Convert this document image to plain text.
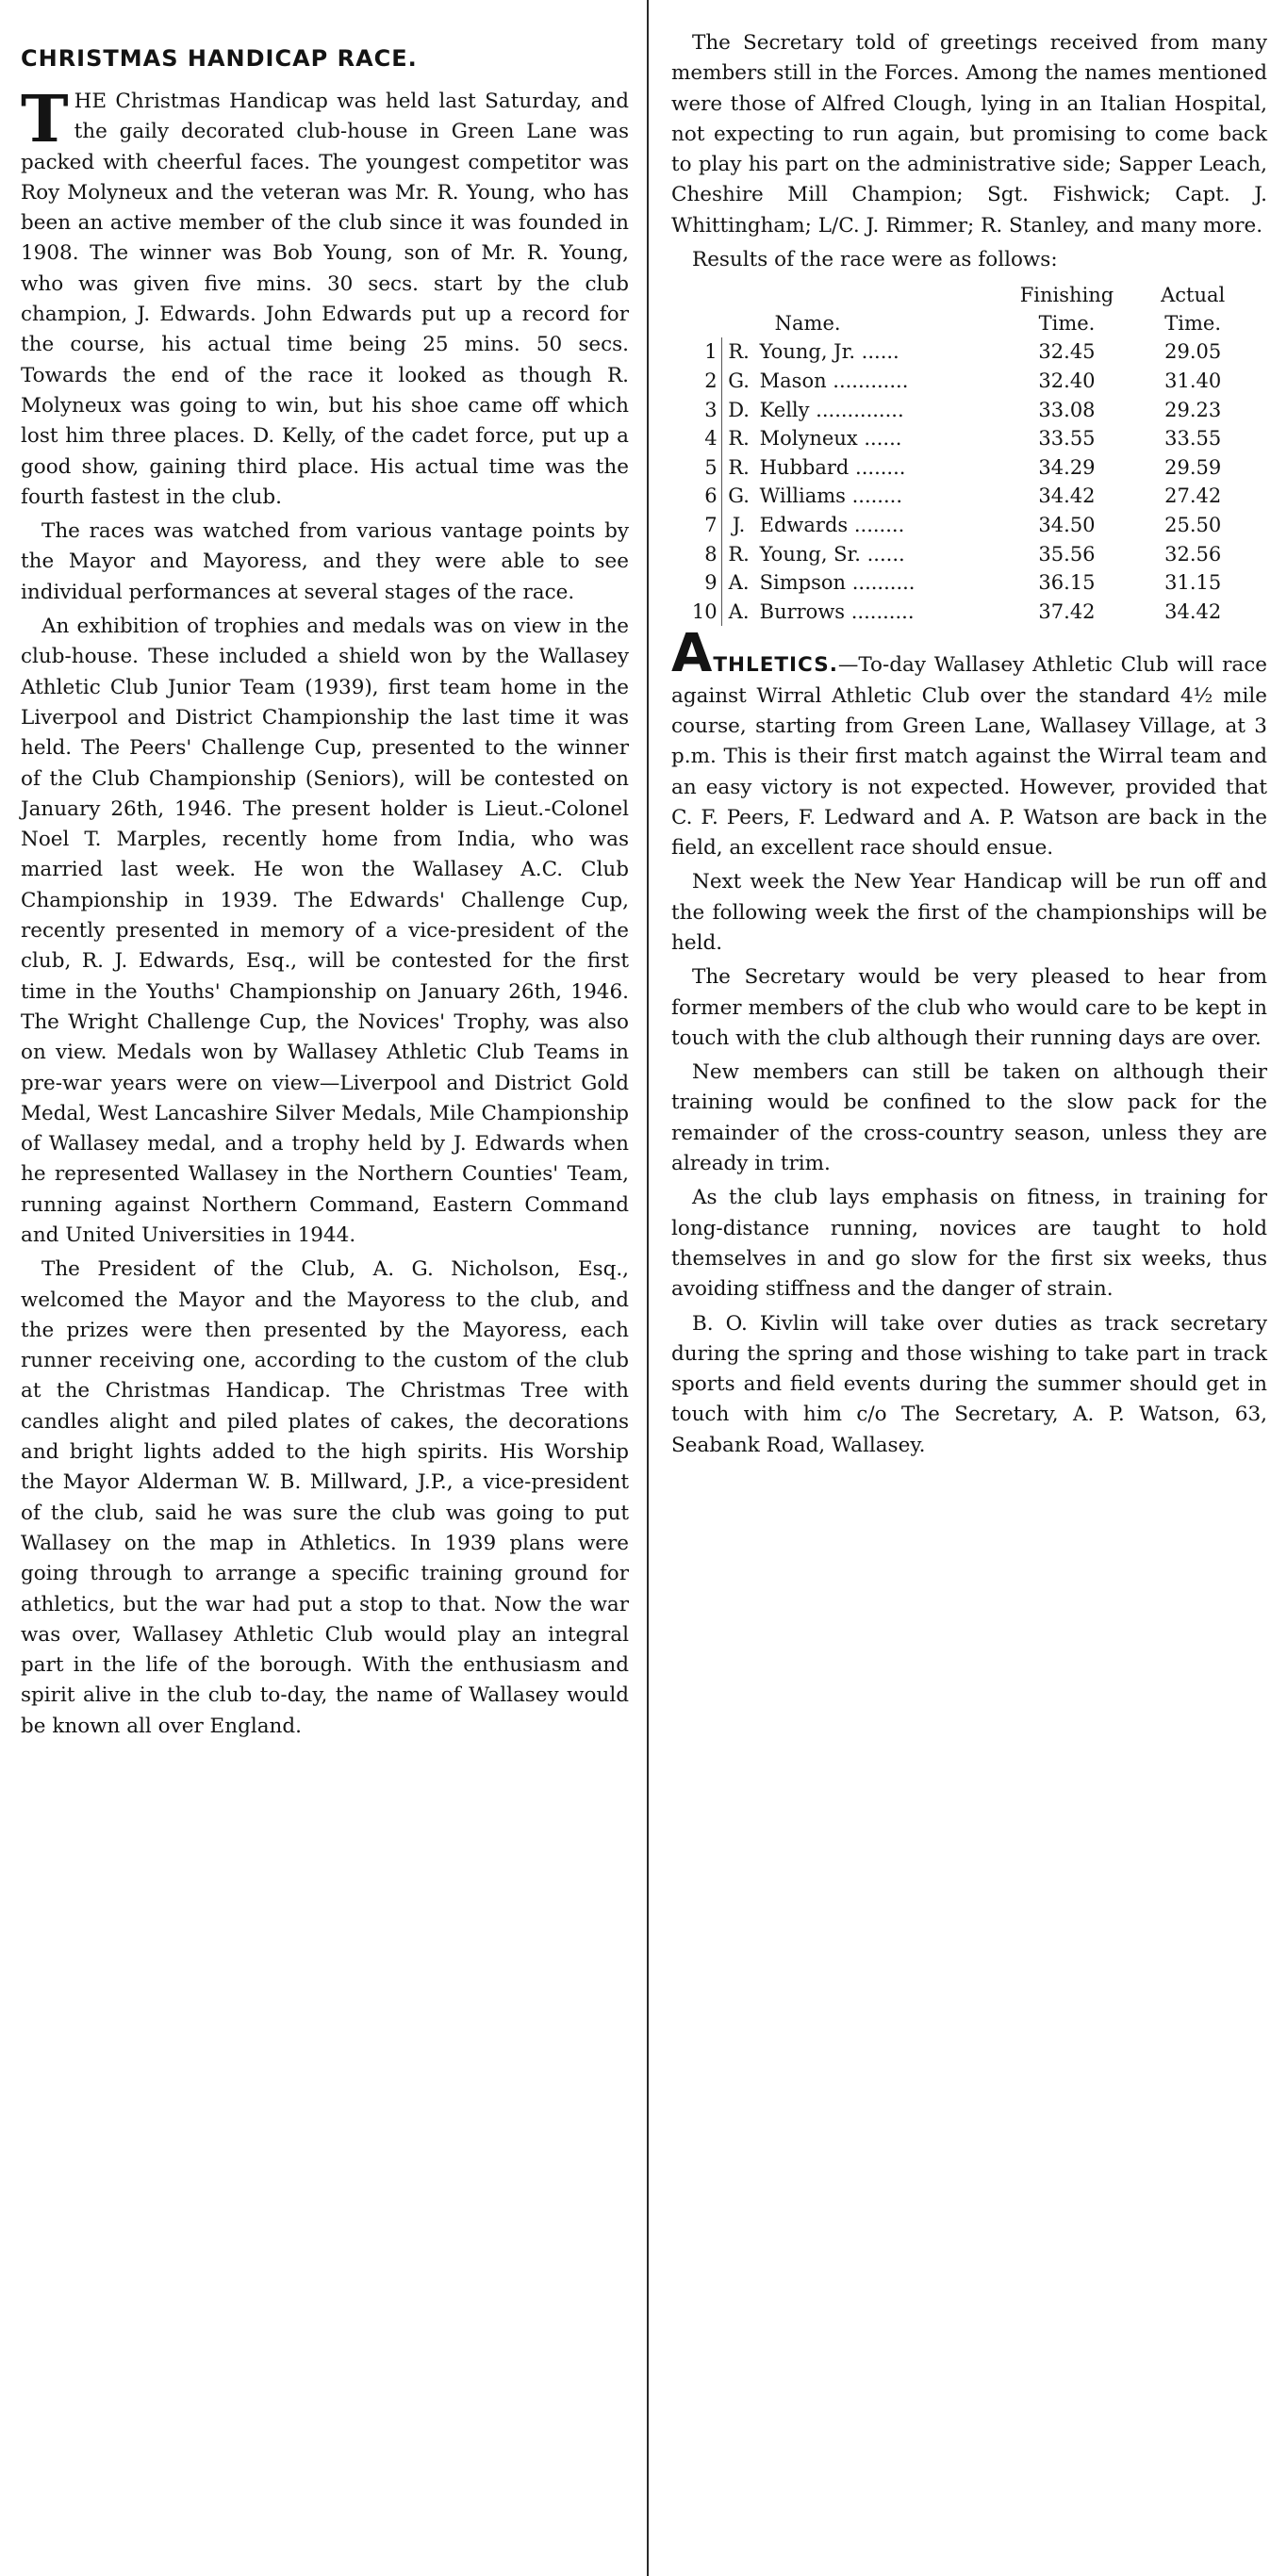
CHRISTMAS HANDICAP RACE.

THE Christmas Handicap was held last Saturday, and the gaily decorated club-house in Green Lane was packed with cheerful faces. The youngest competitor was Roy Molyneux and the veteran was Mr. R. Young, who has been an active member of the club since it was founded in 1908. The winner was Bob Young, son of Mr. R. Young, who was given five mins. 30 secs. start by the club champion, J. Edwards. John Edwards put up a record for the course, his actual time being 25 mins. 50 secs. Towards the end of the race it looked as though R. Molyneux was going to win, but his shoe came off which lost him three places. D. Kelly, of the cadet force, put up a good show, gaining third place. His actual time was the fourth fastest in the club.

The races was watched from various vantage points by the Mayor and Mayoress, and they were able to see individual performances at several stages of the race.

An exhibition of trophies and medals was on view in the club-house. These included a shield won by the Wallasey Athletic Club Junior Team (1939), first team home in the Liverpool and District Championship the last time it was held. The Peers' Challenge Cup, presented to the winner of the Club Championship (Seniors), will be contested on January 26th, 1946. The present holder is Lieut.-Colonel Noel T. Marples, recently home from India, who was married last week. He won the Wallasey A.C. Club Championship in 1939. The Edwards' Challenge Cup, recently presented in memory of a vice-president of the club, R. J. Edwards, Esq., will be contested for the first time in the Youths' Championship on January 26th, 1946. The Wright Challenge Cup, the Novices' Trophy, was also on view. Medals won by Wallasey Athletic Club Teams in pre-war years were on view—Liverpool and District Gold Medal, West Lancashire Silver Medals, Mile Championship of Wallasey medal, and a trophy held by J. Edwards when he represented Wallasey in the Northern Counties' Team, running against Northern Command, Eastern Command and United Universities in 1944.

The President of the Club, A. G. Nicholson, Esq., welcomed the Mayor and the Mayoress to the club, and the prizes were then presented by the Mayoress, each runner receiving one, according to the custom of the club at the Christmas Handicap. The Christmas Tree with candles alight and piled plates of cakes, the decorations and bright lights added to the high spirits. His Worship the Mayor Alderman W. B. Millward, J.P., a vice-president of the club, said he was sure the club was going to put Wallasey on the map in Athletics. In 1939 plans were going through to arrange a specific training ground for athletics, but the war had put a stop to that. Now the war was over, Wallasey Athletic Club would play an integral part in the life of the borough. With the enthusiasm and spirit alive in the club to-day, the name of Wallasey would be known all over England.

The Secretary told of greetings received from many members still in the Forces. Among the names mentioned were those of Alfred Clough, lying in an Italian Hospital, not expecting to run again, but promising to come back to play his part on the administrative side; Sapper Leach, Cheshire Mill Champion; Sgt. Fishwick; Capt. J. Whittingham; L/C. J. Rimmer; R. Stanley, and many more.

Results of the race were as follows:

		Name.	Finishing Time.	Actual Time.
1	R.	Young, Jr. ......	32.45	29.05
2	G.	Mason ............	32.40	31.40
3	D.	Kelly ..............	33.08	29.23
4	R.	Molyneux ......	33.55	33.55
5	R.	Hubbard ........	34.29	29.59
6	G.	Williams ........	34.42	27.42
7	J.	Edwards ........	34.50	25.50
8	R.	Young, Sr. ......	35.56	32.56
9	A.	Simpson ..........	36.15	31.15
10	A.	Burrows ..........	37.42	34.42

ATHLETICS.—To-day Wallasey Athletic Club will race against Wirral Athletic Club over the standard 4½ mile course, starting from Green Lane, Wallasey Village, at 3 p.m. This is their first match against the Wirral team and an easy victory is not expected. However, provided that C. F. Peers, F. Ledward and A. P. Watson are back in the field, an excellent race should ensue.

Next week the New Year Handicap will be run off and the following week the first of the championships will be held.

The Secretary would be very pleased to hear from former members of the club who would care to be kept in touch with the club although their running days are over.

New members can still be taken on although their training would be confined to the slow pack for the remainder of the cross-country season, unless they are already in trim.

As the club lays emphasis on fitness, in training for long-distance running, novices are taught to hold themselves in and go slow for the first six weeks, thus avoiding stiffness and the danger of strain.

B. O. Kivlin will take over duties as track secretary during the spring and those wishing to take part in track sports and field events during the summer should get in touch with him c/o The Secretary, A. P. Watson, 63, Seabank Road, Wallasey.
